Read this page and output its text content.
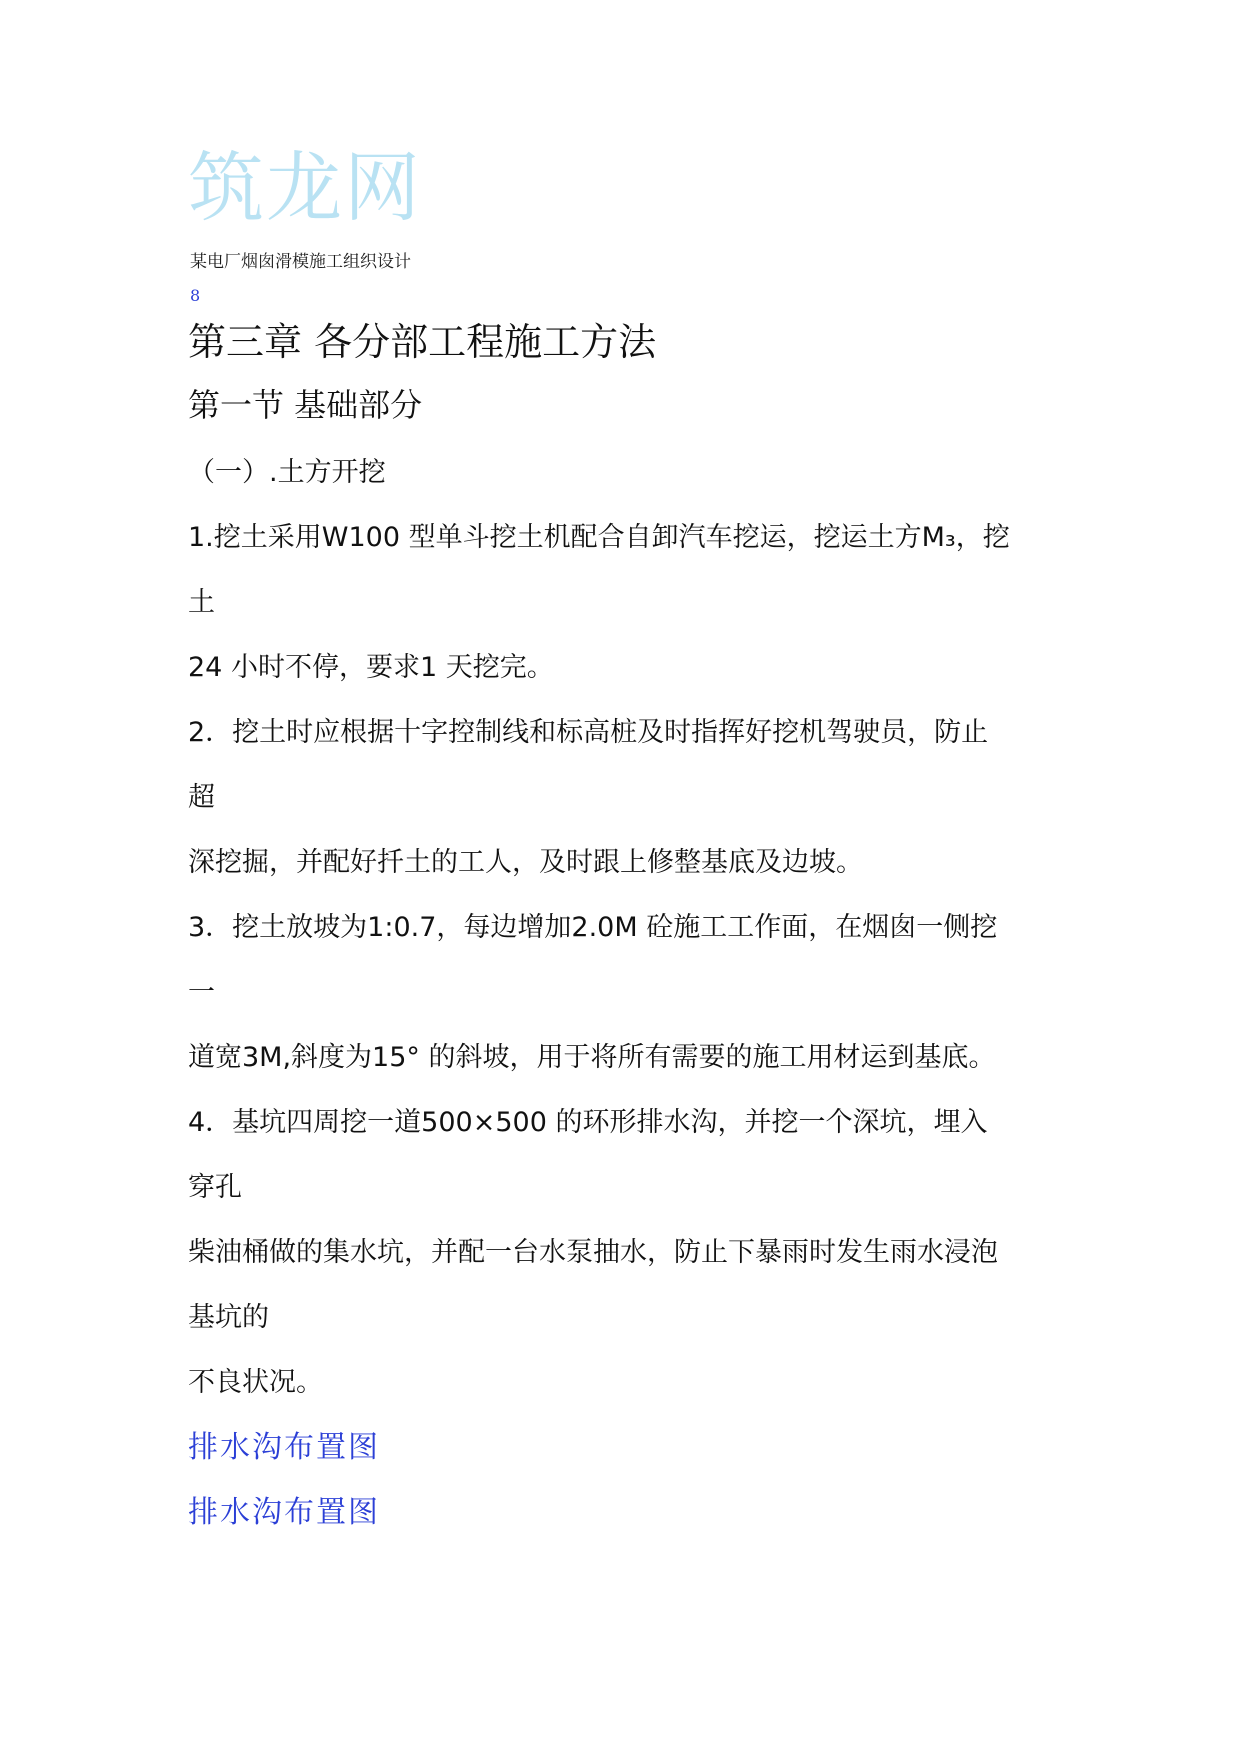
筑龙网
某电厂烟囱滑模施工组织设计
8
第三章 各分部工程施工方法
第一节 基础部分
（一）.土方开挖
1.挖土采用W100 型单斗挖土机配合自卸汽车挖运，挖运土方M₃，挖
土
24 小时不停，要求1 天挖完。
2．挖土时应根据十字控制线和标高桩及时指挥好挖机驾驶员，防止
超
深挖掘，并配好扦土的工人，及时跟上修整基底及边坡。
3．挖土放坡为1:0.7，每边增加2.0M 砼施工工作面，在烟囱一侧挖
一
道宽3M,斜度为15° 的斜坡，用于将所有需要的施工用材运到基底。
4．基坑四周挖一道500×500 的环形排水沟，并挖一个深坑，埋入
穿孔
柴油桶做的集水坑，并配一台水泵抽水，防止下暴雨时发生雨水浸泡
基坑的
不良状况。
排水沟布置图
排水沟布置图
